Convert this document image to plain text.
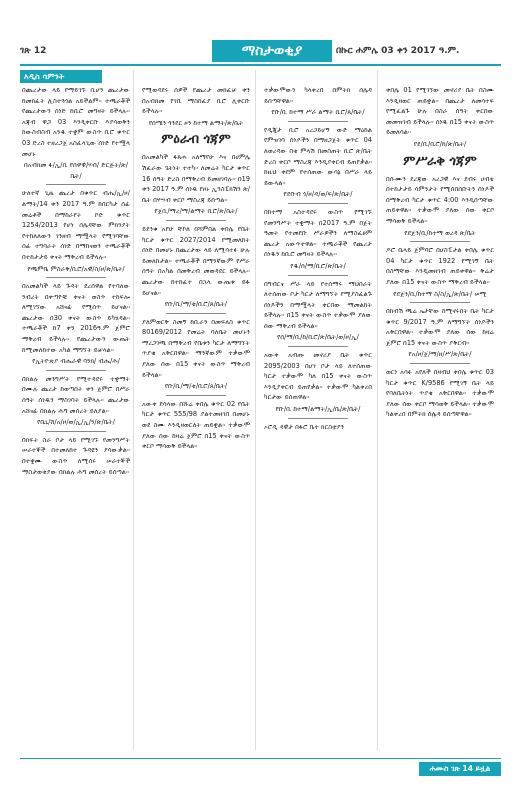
ገጽ 12	ማስታወቂያ	በኩር ሐምሌ 03 ቀን 2017 ዓ.ም.
አዲስ ሳምንት

በጨረታው ላይ የማይገኙ ቢሆን ጨረታው ከመክፈት ሊስተጓጎል አይችልም፡፡ ተጫራቾች የጨረታውን ሰነድ ከቢሮ መግዛት ይችላሉ፡፡ አጃብ ዋጋ 03 እንዲቀርቡ እያሳወቅን ከውስብስብ አንዱ ተቋም ውስጥ ቢሮ ቁጥር 03 ድረስ ተዘረጋጀ አስፈላጊው ሰነድ የተሟላ መሆኑ

በአብክመ ፋ/ኢ/ቢ የሰዋዊ/ሃብ/ ድርጅት/ጽ/ቤት/

ሁለተኛ ጊዜ ጨረታ በቁጥር ብሔ/ኢ/ዞ/ልማት/14 ቀን 2017 ዓ.ም ከበርካታ ሰፊ መሬቶች በማከራየት ኮድ ቁጥር 1254/2013 የሆነ ሰሌዳቸው ምክንያት የተከለለውን ገንዘብ ማሟላት የሚገባቸው ሰፊ ተግባራት ሰነድ በማከናወን ተጫራቾች በተከታታይ ቀናት ማቅረብ ይችላሉ፡፡

የጫምቤ ምስራቅ/ቢሮ/አዊ/ስ/ዞ/ጽ/ቤት/

በአመልካች ላይ ጉዳት ደረሰዋል የተባለው ንብረት በቀጣዮቹ ቀናት ወስጥ ተከፍሎ ለሚገኘው አሸናፊ የሚሰጥ ይሆናል፡፡ ጨረታው በ30 ቀናት ውስጥ ይካሄዳል፡፡ ተጫራቾች ከ7 ቀን 2016ዓ.ም ጀምሮ ማቅረብ ይችላሉ፡፡ የጨረታውን ውጤት ከሚመለከተው አካል ማግኘት ይቻላል፡፡

የኢትዮጵያ ብሔራዊ ባንክ/ ብሔ/ሕ/

በክልሉ መንግሥት የሚተዳደሩ ተቋማት በሙሉ ጨረታ ከወጣበት ቀን ጀምሮ በሥራ ሰዓት ሰነዱን ማስገባት ይችላሉ፡፡ ጨረታው አሸናፊ በክልሉ ሕግ መሰረት ይለያል፡፡

የቤኒ/ሸ/አ/ዞ/ወ/ኢ/ኢ/ን/ጽ/ቤት/

በክፍት ስራ ቦታ ላይ የሚገኙ የመንግሥት ሠራተኞች በተመለከተ ጉዳዩን ያሳውቃል፡፡ በተቋሙ ውስጥ ለሚሰሩ ሠራተኞች ማስታወቂያው በክልሉ ሕግ መሰረት ይሰጣል፡፡

የሚወዳደሩ ሰዎች የጨረታ መክፈቻ ቀን በአብክመ የገቢ ማስከፈያ ቢሮ ሊቀርቡ ይችላሉ፡፡

የሰሜን ጎንደር ዞን ከተማ ልማት/ጽ/ቤት

ምዕራብ ጎጃም

በአመልካች ፋጸሐ አለማየሁ እና በሀምሌ ሽፈራው ጌትነት ተተካ፡፡ ለመሬት ካርታ ቁጥር 16 ሰዓት ድረስ በማቅረብ ይመዘገባሉ፡፡ በ19 ቀን 2017 ዓ.ም ሰነዱ የዞኑ ኢንስፔክሽን ጽ/ቤት በሃሣብ ቀርቦ ማስረጃ ይሰጣል፡፡

የጀቢ/ማረ/ማ/ልማት ቢሮ/ጽ/ቤት/

ይደንቁ አየሁ ቸኮለ በሻምበል ቀበሌ የቤት ካርታ ቁጥር 2027/2014 የሚመለከት ሰነድ በመሆኑ በጨረታው ላይ ለሚሳተፉ ሁሉ ይመለከታል፡፡ ተጫራቾች በማንኛውም የሥራ ሰዓት በአካል በመቅረብ መወዳደር ይችላሉ፡፡ ጨረታው ከተከፈተ በኋላ ውጤቱ ይፋ ይሆናል፡፡

የቡ/ቢ/ማ/ቂ/ቢሮ/ጸ/ቤት/

ያለምወርቅ ስመኝ ከቢራን በመፍለስ ቁጥር 80169/2012 የመሬት ባለቤት መሆኑን ማረጋገጫ በማቅረብ የቤቱን ካርታ ለማግኘት ጥያቄ አቅርበዋል፡፡ ማንኛውም ተቃውሞ ያለው ሰው በ15 ቀናት ውስጥ ማቅረብ ይችላል፡፡

የቡ/ቢ/ማ/ቂ/ቢሮ/ጸ/ቤት/

አውቀ ደሳላው በሹሬ ቀበሌ ቁጥር 02 የቤት ካርታ ቁጥር 555/98 ያልተመዘገበ በመሆኑ ወደ ስሙ እንዲዛወርለት ጠይቋል፡፡ ተቃውሞ ያለው ሰው ከዛሬ ጀምሮ በ15 ቀናት ውስጥ ቀርቦ ማሳወቅ ይችላል፡፡

ተቃውሞውን ካላቀረበ በምትክ ሰሌዳ ይሰጣቸዋል፡፡

የቡ/ቢ ከተማ ሥራ ልማት ቢሮ/ጸ/ቤት/

የዲጂታ ቢሮ አረጋይሆኝ ውድ ማዕከል የምዝገባ ሰነዶችን በማዘጋጀት ቁጥር 04 ለወረዳው በቂ ምላሽ በመስጠት ቢሮ ጽ/ቤት ድረስ ቀርቦ ማስረጃ እንዲያቀርብ ይጠየቃል፡፡ ከዚህ ቀደም የተሰጠው ውሳኔ በሥራ ላይ ይውላል፡፡

የደቡብ ጎ/ዞ/ዳ/ወ/ፍ/ጽ/ቤት/

በከተማ አስተዳደሩ ውስጥ የሚገኙ የመንግሥት ተቋማት በ2017 ዓ.ም በጀት ዓመት የተመደቡ ሥራዎችን ለማስፈፀም ጨረታ አውጥተዋል፡፡ ተጫራቾች የጨረታ ሰነዱን ከቢሮ መግዛት ይችላሉ፡፡

የዱ/ሰ/ማ/ቢሮ/ጽ/ቤት/

በግብርና ሥራ ላይ የተሰማሩ ማህበራት ለተሰጠው ቦታ ካርታ ለማግኘት የሚያስፈልጉ ሰነዶችን በማሟላት ቀርበው ማመልከት ይችላሉ፡፡ በ15 ቀናት ውስጥ ተቃውሞ ያለው ሰው ማቅረብ ይችላል፡፡

የሰ/ማ/ቢ/ከ/ቢሮ/ጽ/ቤት/ወ/ዞ/ኢ/

አውቀ አብጡ መኖሪያ ቤት ቁጥር 2095/2003 በሆነ ቦታ ላይ ለተሰጠው ካርታ ተቃውሞ ካለ በ15 ቀናት ውስጥ እንዲያቀርብ ይጠየቃል፡፡ ተቃውሞ ካልቀረበ ካርታው ይሰጠዋል፡፡

የቡ/ቢ ከተማ/ልማት/ኢ/ቤ/ጽ/ቤት/

ኦሮዲ ዳዊታ በፋሮ ቤተ ክርስቲያን

ቀበሌ 01 የሚገኘው መኖሪያ ቤት በስሙ እንዲዛወር ጠይቋል፡፡ በጨረታ ለመሳተፍ የሚፈልጉ ሁሉ በስራ ሰዓት ቀርበው መመዝገብ ይችላሉ፡፡ ሰነዱ በ15 ቀናት ውስጥ ይመለሳል፡፡

የደ/ቢ/ቢሮ/ከ/ጽ/ቤት/

ምሥራቅ ጎጃም

በሱሙን ደረጃው አረጋዊ እና ደብሩ ሀብቴ በተከታታይ ሳምንታት የሚሰበሰቡትን ሰነዶች በማቅረብ ካርታ ቁጥር 4:00 እንዲሰጣቸው ጠይቀዋል፡፡ ተቃውሞ ያለው ሰው ቀርቦ ማሳወቅ ይችላል፡፡

የደጀን/ቢ/ከተማ ወረዳ ጽ/ቤት

ዶሮ ቤላይ ጀምባሮ በሆስፒታል ቀበሌ ቁጥር 04 ካርታ ቁጥር 1922 የሚገኝ ቤት በስማቸው እንዲመዘገብ ጠይቀዋል፡፡ ቅሬታ ያለው በ15 ቀናት ውስጥ ማቅረብ ይችላል፡፡

የደጀን/ቢ/ከተማ ስ/ስ/ኢ/ጽ/ቤት/ ሠሚ

በከብሽ ጫሬ ኤታቸው ከሚኖሩበት ቤት ካርታ ቁጥር 9/2017 ዓ.ም ለማግኘት ሰነዶችን አቅርበዋል፡፡ ተቃውሞ ያለው ሰው ከዛሬ ጀምሮ በ15 ቀናት ውስጥ ያቅርብ፡፡

የአ/ዞ/ጀ/ማ/ዘ/ሥ/ጽ/ቤት/

ወርነ አሳፉ አየለች በዛብህ ቀበሌ ቁጥር 03 ካርታ ቁጥር K/9586 የሚገኝ ቤት ላይ የባለቤትነት ጥያቄ አቅርበዋል፡፡ ተቃውሞ ያለው ሰው ቀርቦ ማሳወቅ ይችላል፡፡ ተቃውሞ ካልቀረበ በምትክ ሰሌዳ ይሰጣቸዋል፡፡

ሐሙስ ገጽ 14 ይዟል
